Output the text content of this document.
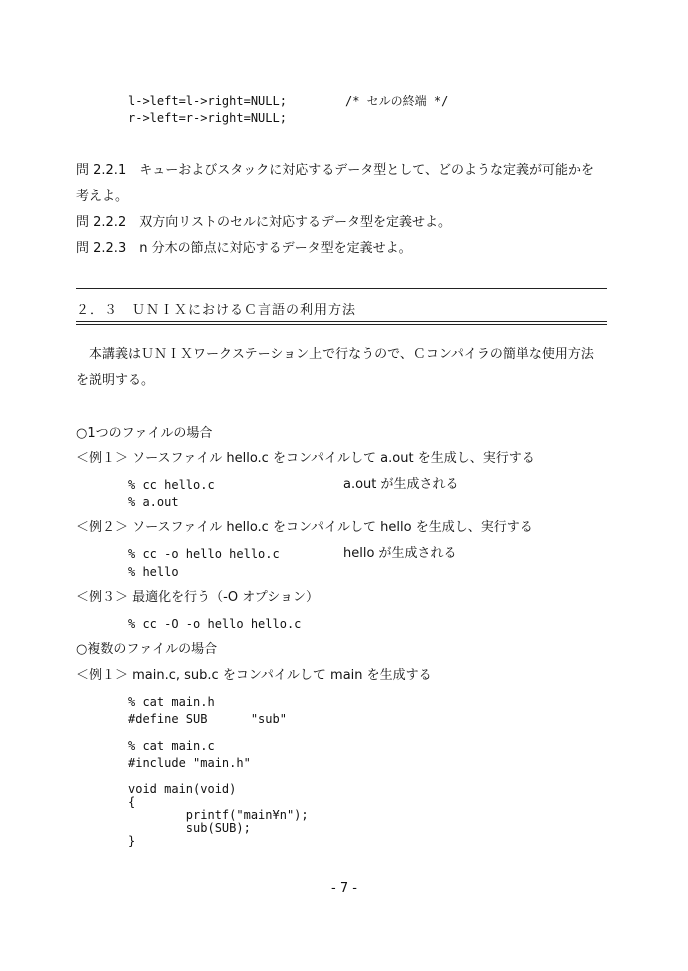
l->left=l->right=NULL;	/* セルの終端 */
r->left=r->right=NULL;
問 2.2.1　キューおよびスタックに対応するデータ型として、どのような定義が可能かを
考えよ。
問 2.2.2　双方向リストのセルに対応するデータ型を定義せよ。
問 2.2.3　n 分木の節点に対応するデータ型を定義せよ。
２．３　ＵＮＩＸにおけるＣ言語の利用方法
　本講義はＵＮＩＸワークステーション上で行なうので、Ｃコンパイラの簡単な使用方法
を説明する。
○1つのファイルの場合
＜例１＞ ソースファイル hello.c をコンパイルして a.out を生成し、実行する
% cc hello.c	a.out が生成される
% a.out
＜例２＞ ソースファイル hello.c をコンパイルして hello を生成し、実行する
% cc -o hello hello.c	hello が生成される
% hello
＜例３＞ 最適化を行う（-O オプション）
% cc -O -o hello hello.c
○複数のファイルの場合
＜例１＞ main.c, sub.c をコンパイルして main を生成する
% cat main.h
#define SUB      "sub"
% cat main.c
#include "main.h"
void main(void)
{
printf("main¥n");
sub(SUB);
}
- 7 -
